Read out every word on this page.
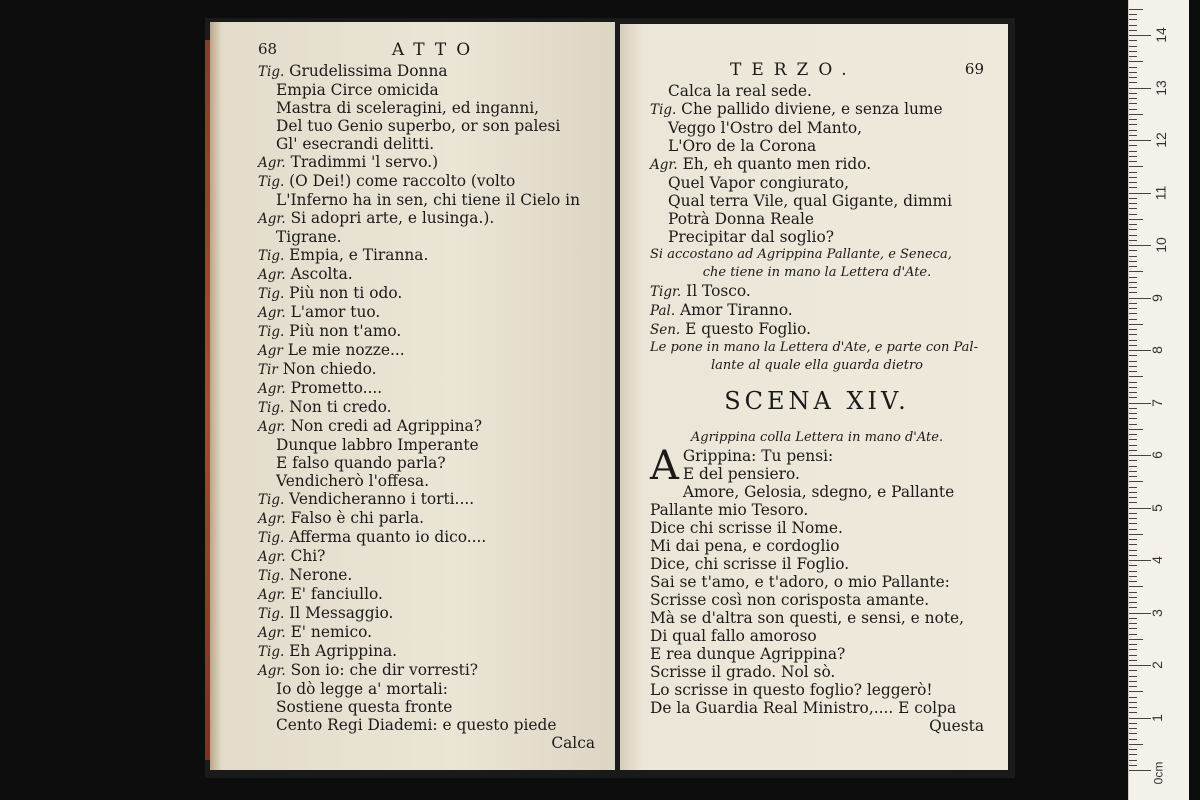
68	ATTO
Tig. Grudelissima Donna
Empia Circe omicida
Mastra di sceleragini, ed inganni,
Del tuo Genio superbo, or son palesi
Gl' esecrandi delitti.
Agr. Tradimmi 'l servo.)
Tig. (O Dei!) come raccolto (volto
L'Inferno ha in sen, chi tiene il Cielo in
Agr. Si adopri arte, e lusinga.).
Tigrane.
Tig. Empia, e Tiranna.
Agr. Ascolta.
Tig. Più non ti odo.
Agr. L'amor tuo.
Tig. Più non t'amo.
Agr Le mie nozze...
Tir Non chiedo.
Agr. Prometto....
Tig. Non ti credo.
Agr. Non credi ad Agrippina?
Dunque labbro Imperante
E falso quando parla?
Vendicherò l'offesa.
Tig. Vendicheranno i torti....
Agr. Falso è chi parla.
Tig. Afferma quanto io dico....
Agr. Chi?
Tig. Nerone.
Agr. E' fanciullo.
Tig. Il Messaggio.
Agr. E' nemico.
Tig. Eh Agrippina.
Agr. Son io: che dir vorresti?
Io dò legge a' mortali:
Sostiene questa fronte
Cento Regi Diademi: e questo piede
Calca
TERZO.	69
Calca la real sede.
Tig. Che pallido diviene, e senza lume
Veggo l'Ostro del Manto,
L'Oro de la Corona
Agr. Eh, eh quanto men rido.
Quel Vapor congiurato,
Qual terra Vile, qual Gigante, dimmi
Potrà Donna Reale
Precipitar dal soglio?
Si accostano ad Agrippina Pallante, e Seneca,
che tiene in mano la Lettera d'Ate.
Tigr. Il Tosco.
Pal. Amor Tiranno.
Sen. E questo Foglio.
Le pone in mano la Lettera d'Ate, e parte con Pal-
lante al quale ella guarda dietro
SCENA XIV.
Agrippina colla Lettera in mano d'Ate.
A Grippina: Tu pensi:
E del pensiero.
Amore, Gelosia, sdegno, e Pallante
Pallante mio Tesoro.
Dice chi scrisse il Nome.
Mi dai pena, e cordoglio
Dice, chi scrisse il Foglio.
Sai se t'amo, e t'adoro, o mio Pallante:
Scrisse così non corisposta amante.
Mà se d'altra son questi, e sensi, e note,
Di qual fallo amoroso
E rea dunque Agrippina?
Scrisse il grado. Nol sò.
Lo scrisse in questo foglio? leggerò!
De la Guardia Real Ministro,.... E colpa
Questa
14
13
12
11
10
9
8
7
6
5
4
3
2
1
0cm
